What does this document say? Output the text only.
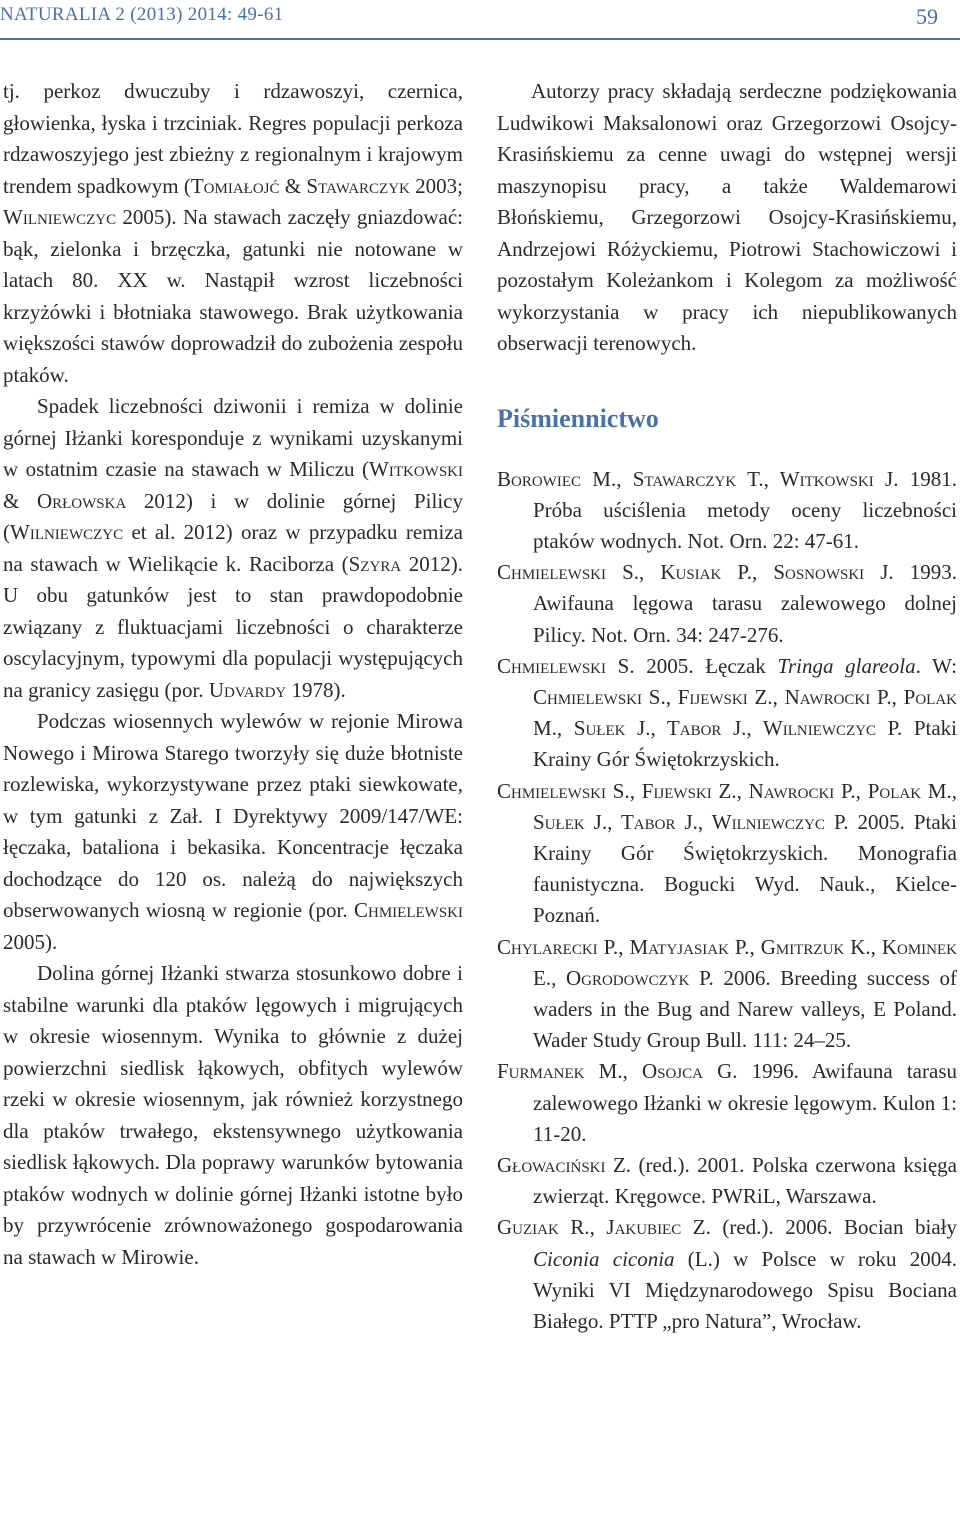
NATURALIA 2 (2013) 2014: 49-61	59

tj. perkoz dwuczuby i rdzawoszyi, czernica, głowienka, łyska i trzciniak. Regres populacji perkoza rdzawoszyjego jest zbieżny z regionalnym i krajowym trendem spadkowym (Tomiałojć & Stawarczyk 2003; Wilniewczyc 2005). Na stawach zaczęły gniazdować: bąk, zielonka i brzęczka, gatunki nie notowane w latach 80. XX w. Nastąpił wzrost liczebności krzyżówki i błotniaka stawowego. Brak użytkowania większości stawów doprowadził do zubożenia zespołu ptaków.

Spadek liczebności dziwonii i remiza w dolinie górnej Iłżanki koresponduje z wynikami uzyskanymi w ostatnim czasie na stawach w Miliczu (Witkowski & Orłowska 2012) i w dolinie górnej Pilicy (Wilniewczyc et al. 2012) oraz w przypadku remiza na stawach w Wielikącie k. Raciborza (Szyra 2012). U obu gatunków jest to stan prawdopodobnie związany z fluktuacjami liczebności o charakterze oscylacyjnym, typowymi dla populacji występujących na granicy zasięgu (por. Udvardy 1978).

Podczas wiosennych wylewów w rejonie Mirowa Nowego i Mirowa Starego tworzyły się duże błotniste rozlewiska, wykorzystywane przez ptaki siewkowate, w tym gatunki z Zał. I Dyrektywy 2009/147/WE: łęczaka, bataliona i bekasika. Koncentracje łęczaka dochodzące do 120 os. należą do największych obserwowanych wiosną w regionie (por. Chmielewski 2005).

Dolina górnej Iłżanki stwarza stosunkowo dobre i stabilne warunki dla ptaków lęgowych i migrujących w okresie wiosennym. Wynika to głównie z dużej powierzchni siedlisk łąkowych, obfitych wylewów rzeki w okresie wiosennym, jak również korzystnego dla ptaków trwałego, ekstensywnego użytkowania siedlisk łąkowych. Dla poprawy warunków bytowania ptaków wodnych w dolinie górnej Iłżanki istotne było by przywrócenie zrównoważonego gospodarowania na stawach w Mirowie.

Autorzy pracy składają serdeczne podziękowania Ludwikowi Maksalonowi oraz Grzegorzowi Osojcy-Krasińskiemu za cenne uwagi do wstępnej wersji maszynopisu pracy, a także Waldemarowi Błońskiemu, Grzegorzowi Osojcy-Krasińskiemu, Andrzejowi Różyckiemu, Piotrowi Stachowiczowi i pozostałym Koleżankom i Kolegom za możliwość wykorzystania w pracy ich niepublikowanych obserwacji terenowych.

Piśmiennictwo

Borowiec M., Stawarczyk T., Witkowski J. 1981. Próba uściślenia metody oceny liczebności ptaków wodnych. Not. Orn. 22: 47-61.

Chmielewski S., Kusiak P., Sosnowski J. 1993. Awifauna lęgowa tarasu zalewowego dolnej Pilicy. Not. Orn. 34: 247-276.

Chmielewski S. 2005. Łęczak Tringa glareola. W: Chmielewski S., Fijewski Z., Nawrocki P., Polak M., Sułek J., Tabor J., Wilniewczyc P. Ptaki Krainy Gór Świętokrzyskich.

Chmielewski S., Fijewski Z., Nawrocki P., Polak M., Sułek J., Tabor J., Wilniewczyc P. 2005. Ptaki Krainy Gór Świętokrzyskich. Monografia faunistyczna. Bogucki Wyd. Nauk., Kielce-Poznań.

Chylarecki P., Matyjasiak P., Gmitrzuk K., Kominek E., Ogrodowczyk P. 2006. Breeding success of waders in the Bug and Narew valleys, E Poland. Wader Study Group Bull. 111: 24–25.

Furmanek M., Osojca G. 1996. Awifauna tarasu zalewowego Iłżanki w okresie lęgowym. Kulon 1: 11-20.

Głowaciński Z. (red.). 2001. Polska czerwona księga zwierząt. Kręgowce. PWRiL, Warszawa.

Guziak R., Jakubiec Z. (red.). 2006. Bocian biały Ciconia ciconia (L.) w Polsce w roku 2004. Wyniki VI Międzynarodowego Spisu Bociana Białego. PTTP „pro Natura”, Wrocław.
